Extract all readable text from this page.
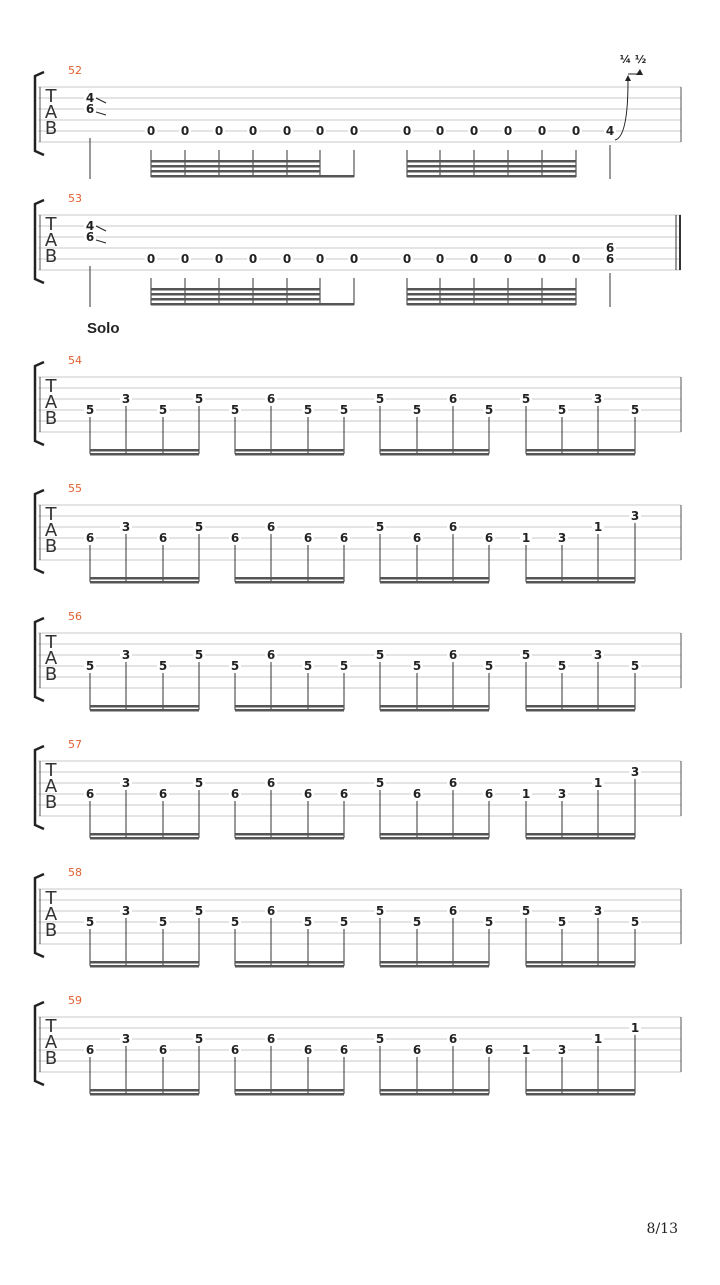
T
A
B
52
4
6
0 0 0 0 0 0 0	0 0 0 0 0 0 4
¼ ½
T
A
B
53
4
6
0 0 0 0 0 0 0	0 0 0 0 0 0
6
6
T
A
B
54
5
3
5
5
5
6
5 5
5
5
6
5
5
5
3
5
T
A
B
55
6
3
6
5
6
6
6 6
5
6
6
6 1 3
1
3
T
A
B
56
5
3
5
5
5
6
5 5
5
5
6
5
5
5
3
5
T
A
B
57
6
3
6
5
6
6
6 6
5
6
6
6 1 3
1
3
T
A
B
58
5
3
5
5
5
6
5 5
5
5
6
5
5
5
3
5
T
A
B
59
6
3
6
5
6
6
6 6
5
6
6
6 1 3
1
1
Solo
8/13
